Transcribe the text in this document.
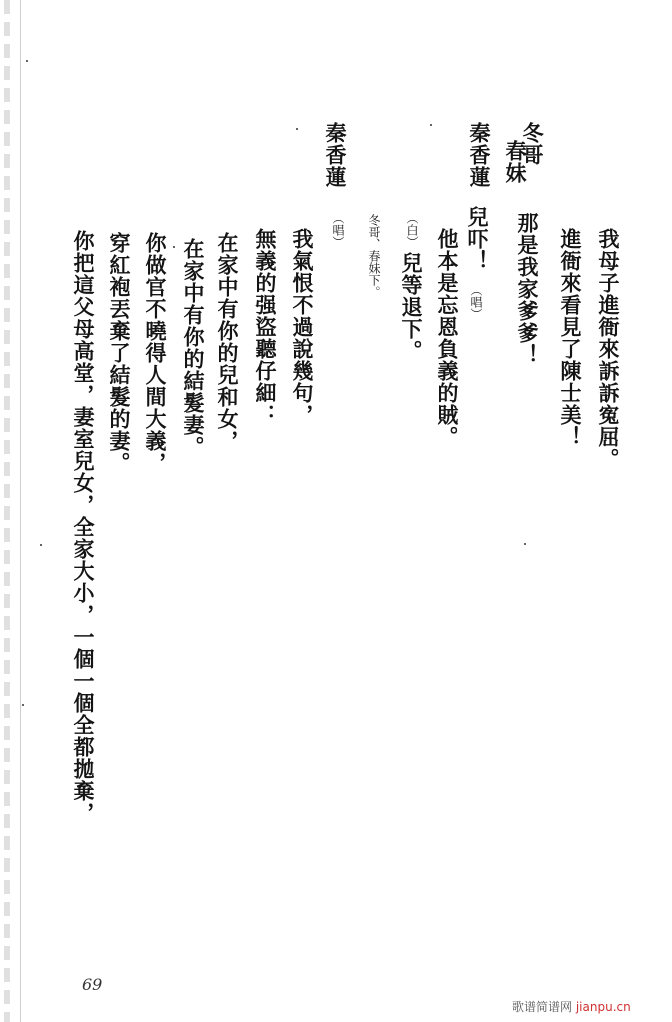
我母子進衙來訴訴寃屈。
進衙來看見了陳士美！
冬哥
那是我家爹爹！
春妹
他本是忘恩負義的賊。
秦香蓮
兒吓！
（唱）
（白）
兒等退下。
冬哥、春妹下。
秦香蓮
（唱）
我氣恨不過說幾句，
無義的强盜聽仔細：
在家中有你的兒和女，
在家中有你的結髮妻。
你做官不曉得人間大義，
穿紅袍丟棄了結髮的妻。
你把這父母高堂，妻室兒女，全家大小，一個一個全都拋棄，
69
歌谱简谱网 jianpu.cn
